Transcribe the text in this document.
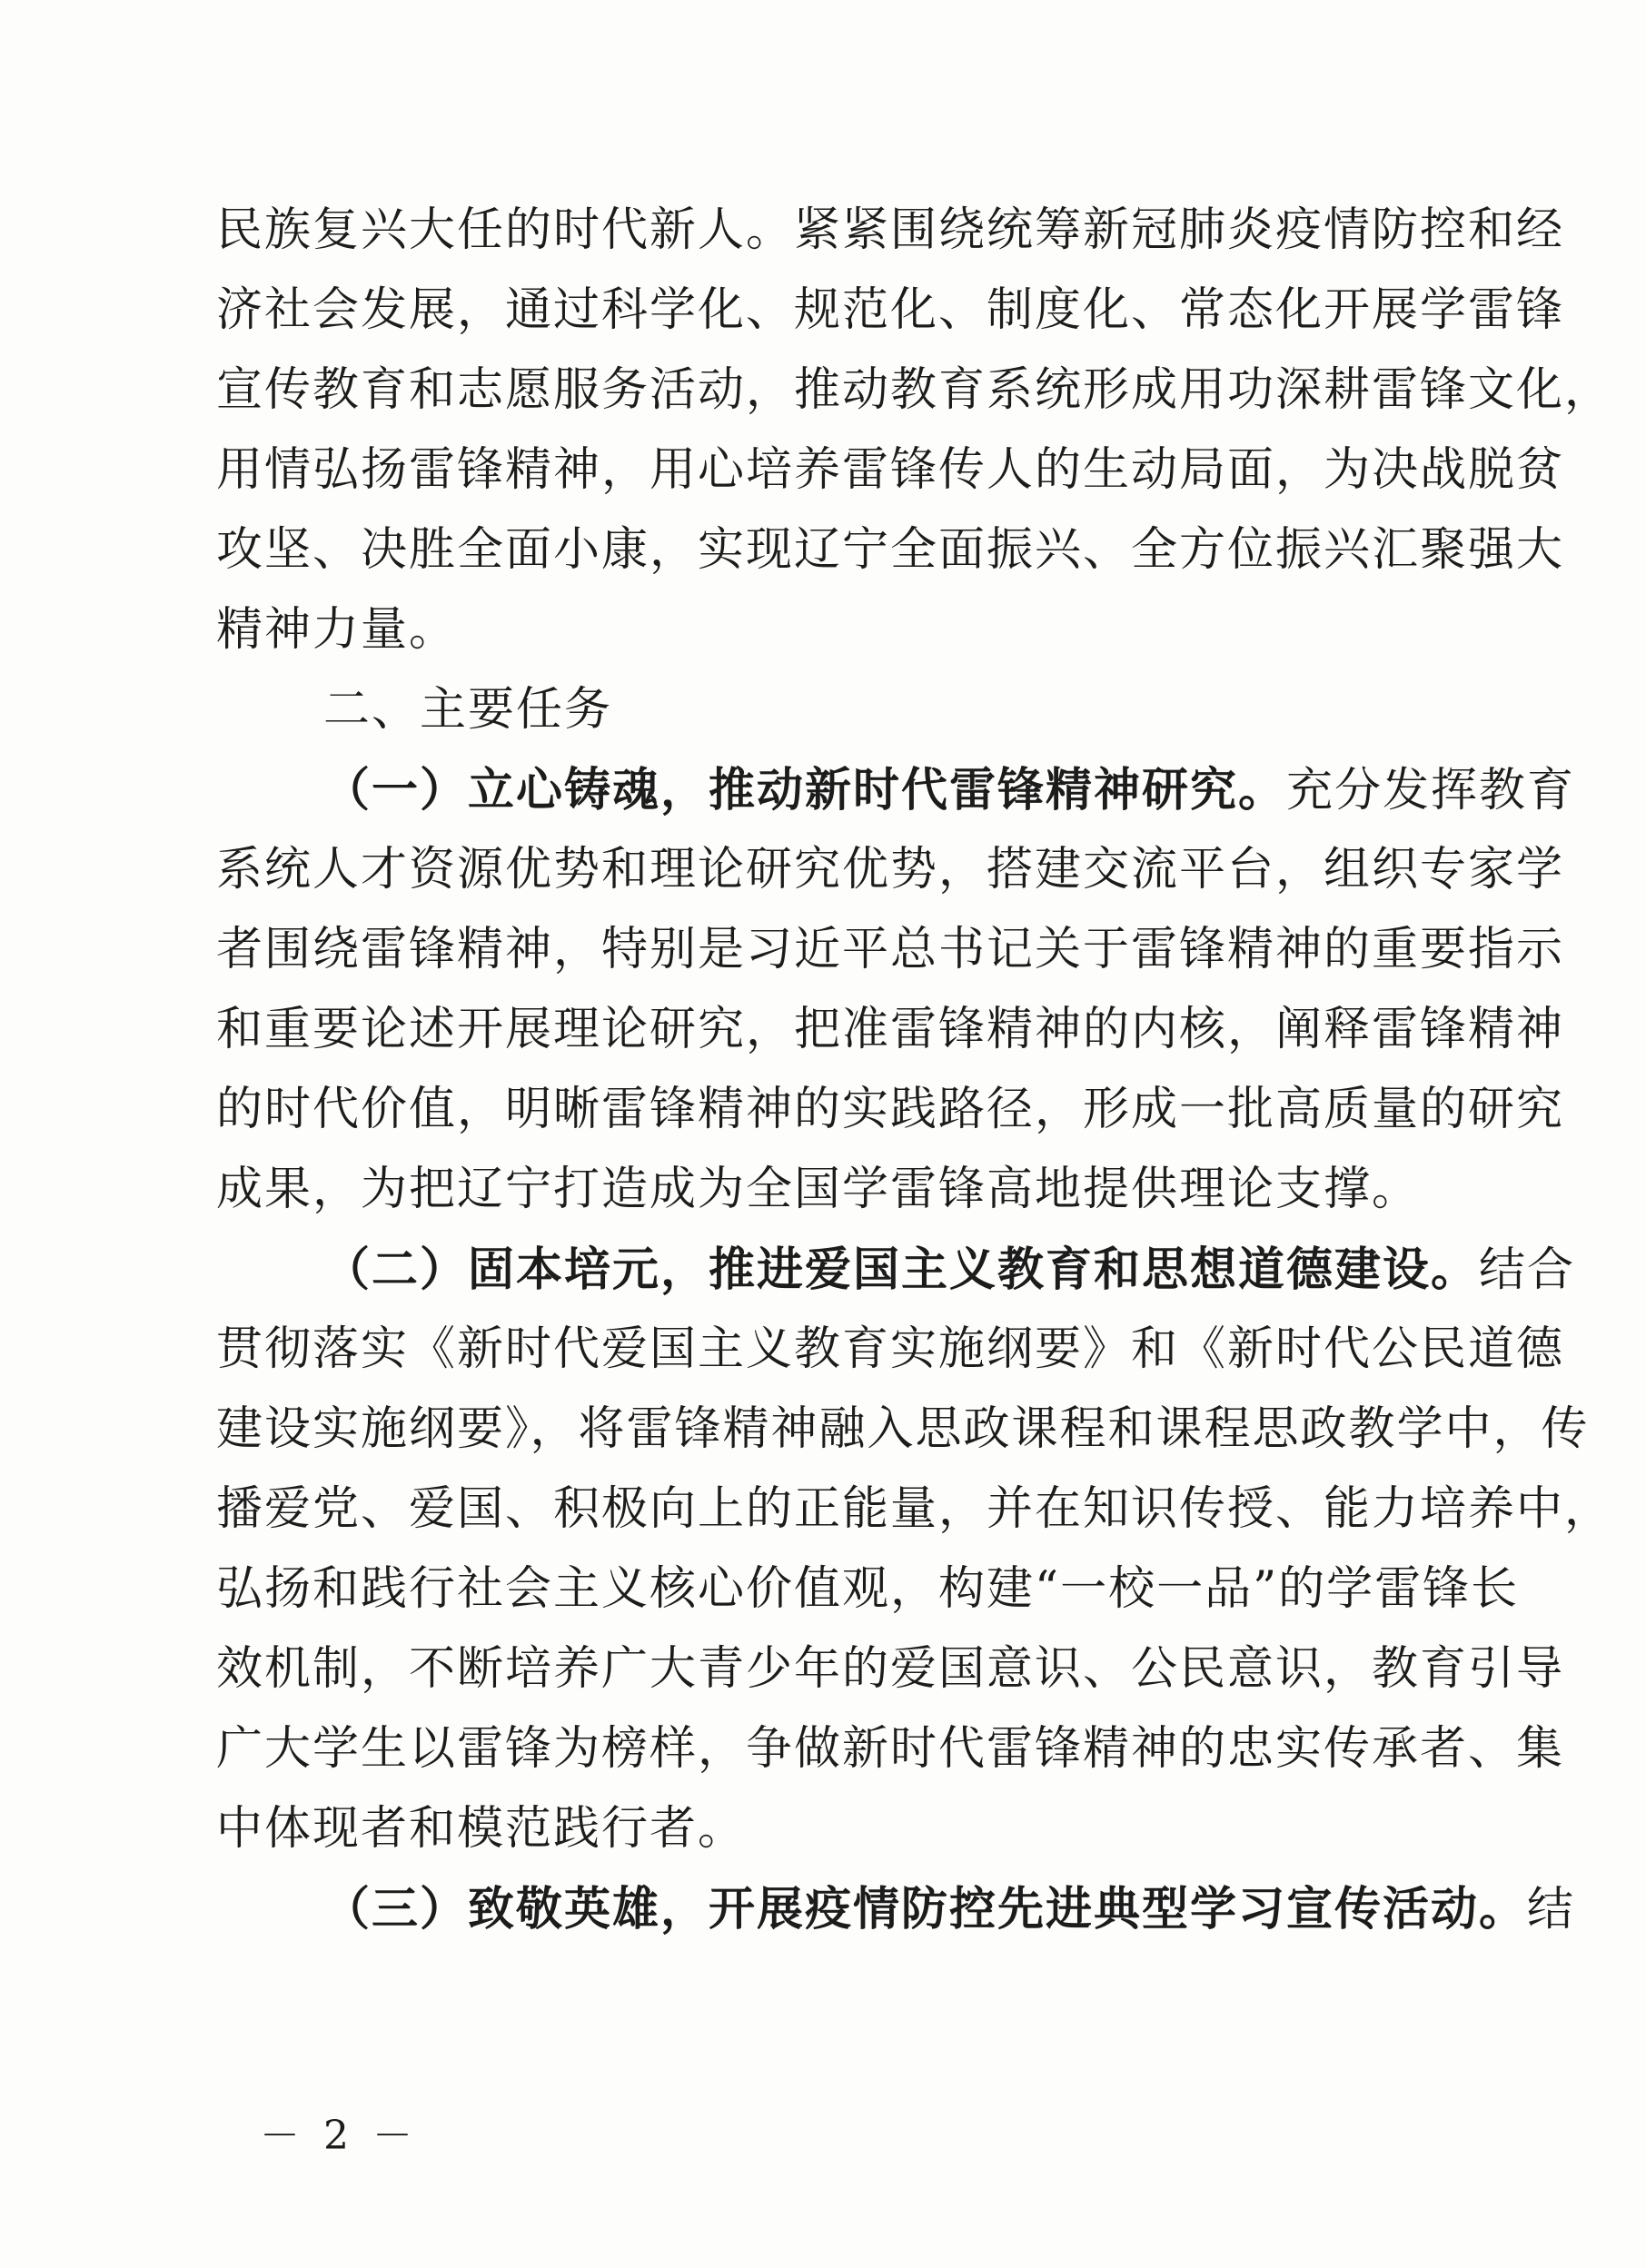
民族复兴大任的时代新人。紧紧围绕统筹新冠肺炎疫情防控和经
济社会发展，通过科学化、规范化、制度化、常态化开展学雷锋
宣传教育和志愿服务活动，推动教育系统形成用功深耕雷锋文化，
用情弘扬雷锋精神，用心培养雷锋传人的生动局面，为决战脱贫
攻坚、决胜全面小康，实现辽宁全面振兴、全方位振兴汇聚强大
精神力量。
二、主要任务
（一）立心铸魂，推动新时代雷锋精神研究。充分发挥教育
系统人才资源优势和理论研究优势，搭建交流平台，组织专家学
者围绕雷锋精神，特别是习近平总书记关于雷锋精神的重要指示
和重要论述开展理论研究，把准雷锋精神的内核，阐释雷锋精神
的时代价值，明晰雷锋精神的实践路径，形成一批高质量的研究
成果，为把辽宁打造成为全国学雷锋高地提供理论支撑。
（二）固本培元，推进爱国主义教育和思想道德建设。结合
贯彻落实《新时代爱国主义教育实施纲要》和《新时代公民道德
建设实施纲要》，将雷锋精神融入思政课程和课程思政教学中，传
播爱党、爱国、积极向上的正能量，并在知识传授、能力培养中，
弘扬和践行社会主义核心价值观，构建“一校一品”的学雷锋长
效机制，不断培养广大青少年的爱国意识、公民意识，教育引导
广大学生以雷锋为榜样，争做新时代雷锋精神的忠实传承者、集
中体现者和模范践行者。
（三）致敬英雄，开展疫情防控先进典型学习宣传活动。结
－ 2 －
